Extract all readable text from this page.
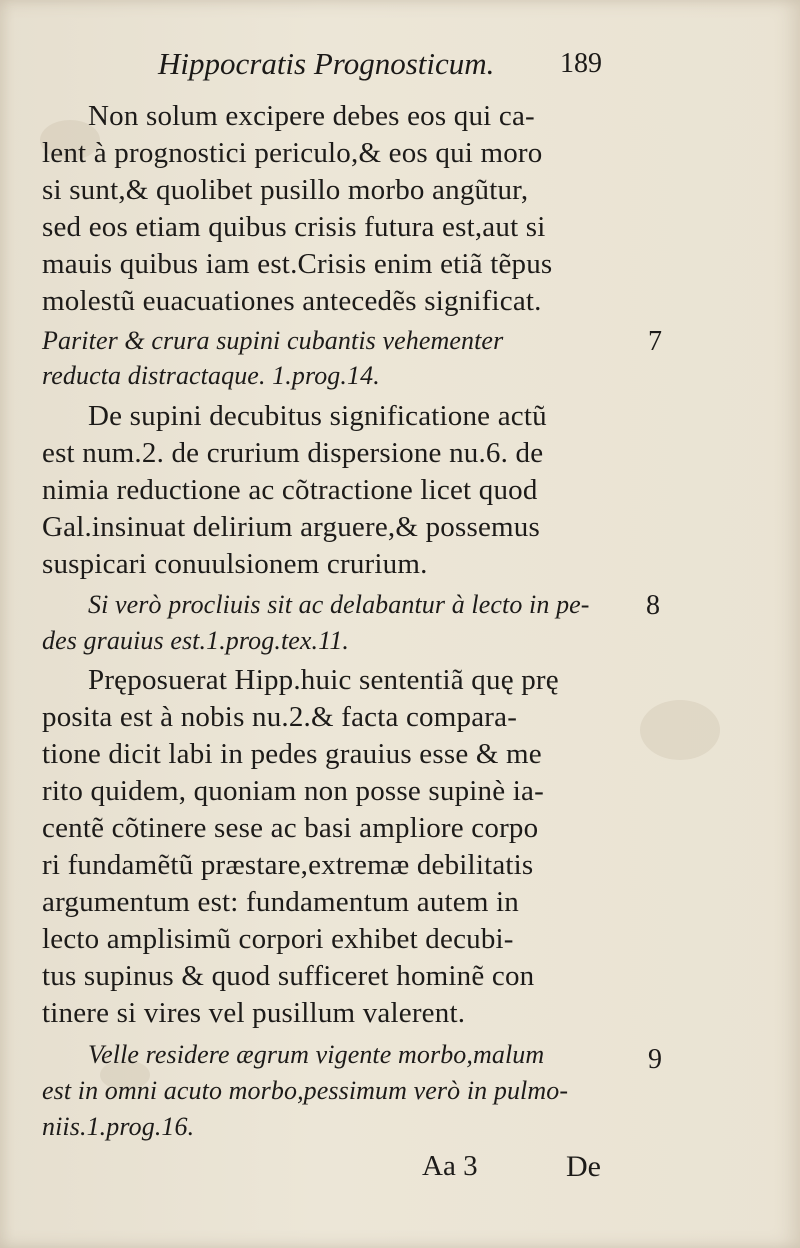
Hippocratis Prognosticum. 189
Non solum excipere debes eos qui ca-
lent à prognostici periculo,& eos qui moro
si sunt,& quolibet pusillo morbo angũtur,
sed eos etiam quibus crisis futura est,aut si
mauis quibus iam est.Crisis enim etiã tẽpus
molestũ euacuationes antecedẽs significat.
Pariter & crura supini cubantis vehementer
reducta distractaque. 1.prog.14.
De supini decubitus significatione actũ
est num.2. de crurium dispersione nu.6. de
nimia reductione ac cõtractione licet quod
Gal.insinuat delirium arguere,& possemus
suspicari conuulsionem crurium.
Si verò procliuis sit ac delabantur à lecto in pe-
des grauius est.1.prog.tex.11.
Pręposuerat Hipp.huic sententiã quę prę
posita est à nobis nu.2.& facta compara-
tione dicit labi in pedes grauius esse & me
rito quidem, quoniam non posse supinè ia-
centẽ cõtinere sese ac basi ampliore corpo
ri fundamẽtũ præstare,extremæ debilitatis
argumentum est: fundamentum autem in
lecto amplisimũ corpori exhibet decubi-
tus supinus & quod sufficeret hominẽ con
tinere si vires vel pusillum valerent.
Velle residere ægrum vigente morbo,malum
est in omni acuto morbo,pessimum verò in pulmo-
niis.1.prog.16.
7
8
9
Aa 3	De
